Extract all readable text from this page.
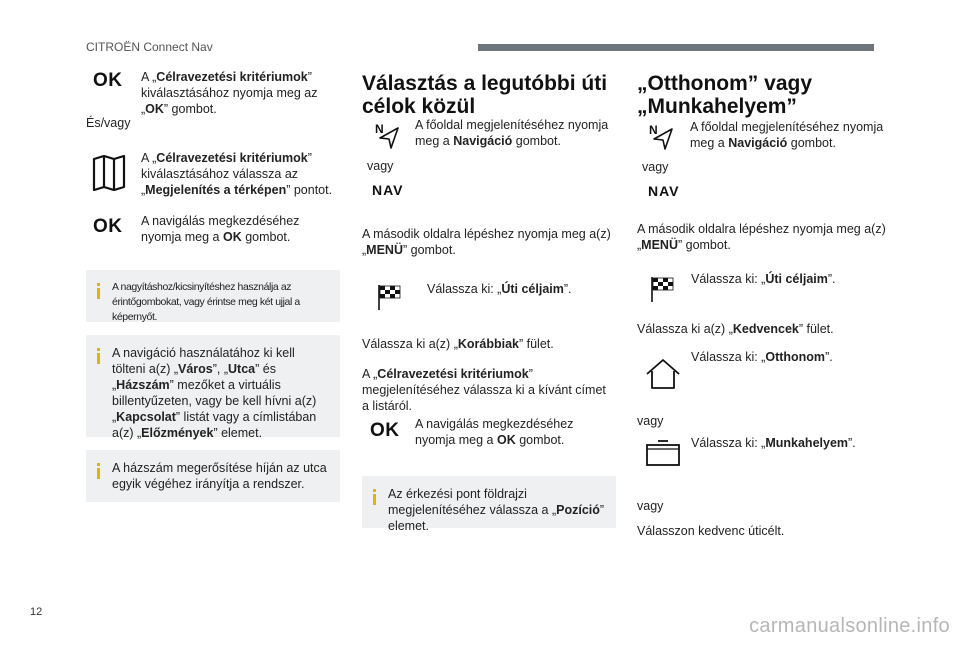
CITROËN Connect Nav
12
carmanualsonline.info
OK A „Célravezetési kritériumok” kiválasztásához nyomja meg az „OK” gombot.
És/vagy
A „Célravezetési kritériumok” kiválasztásához válassza az „Megjelenítés a térképen” pontot.
OK A navigálás megkezdéséhez nyomja meg a OK gombot.
A nagyításhoz/kicsinyítéshez használja az érintőgombokat, vagy érintse meg két ujjal a képernyőt.
A navigáció használatához ki kell tölteni a(z) „Város”, „Utca” és „Házszám” mezőket a virtuális billentyűzeten, vagy be kell hívni a(z) „Kapcsolat” listát vagy a címlistában a(z) „Előzmények” elemet.
A házszám megerősítése híján az utca egyik végéhez irányítja a rendszer.
Választás a legutóbbi úti célok közül
N
vagy
NAV
A főoldal megjelenítéséhez nyomja meg a Navigáció gombot.
A második oldalra lépéshez nyomja meg a(z) „MENÜ” gombot.
Válassza ki: „Úti céljaim”.
Válassza ki a(z) „Korábbiak” fület.
A „Célravezetési kritériumok” megjelenítéséhez válassza ki a kívánt címet a listáról.
OK A navigálás megkezdéséhez nyomja meg a OK gombot.
Az érkezési pont földrajzi megjelenítéséhez válassza a „Pozíció” elemet.
„Otthonom” vagy „Munkahelyem”
N
vagy
NAV
A főoldal megjelenítéséhez nyomja meg a Navigáció gombot.
A második oldalra lépéshez nyomja meg a(z) „MENÜ” gombot.
Válassza ki: „Úti céljaim”.
Válassza ki a(z) „Kedvencek” fület.
Válassza ki: „Otthonom”.
vagy
Válassza ki: „Munkahelyem”.
vagy
Válasszon kedvenc úticélt.
